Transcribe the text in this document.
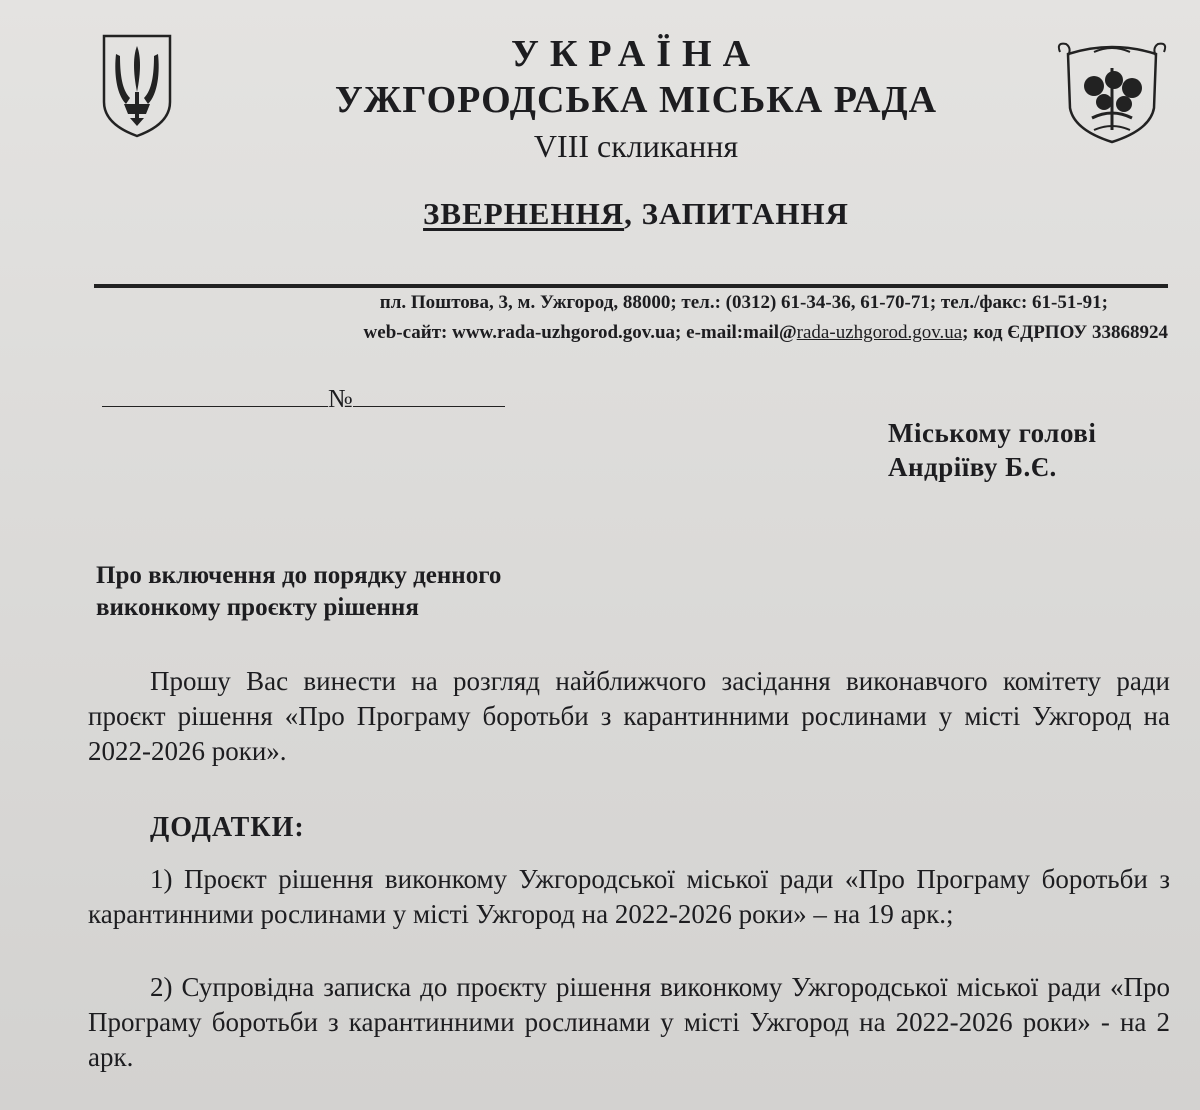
УКРАЇНА
УЖГОРОДСЬКА МІСЬКА РАДА
VIII скликання
ЗВЕРНЕННЯ, ЗАПИТАННЯ
пл. Поштова, 3, м. Ужгород, 88000; тел.: (0312) 61-34-36, 61-70-71; тел./факс: 61-51-91;
web-сайт: www.rada-uzhgorod.gov.ua; e-mail:mail@rada-uzhgorod.gov.ua; код ЄДРПОУ 33868924
№
Міському голові
Андріїву Б.Є.
Про включення до порядку денного
виконкому проєкту рішення
Прошу Вас винести на розгляд найближчого засідання виконавчого комітету ради проєкт рішення «Про Програму боротьби з карантинними рослинами у місті Ужгород на 2022-2026 роки».
ДОДАТКИ:
1) Проєкт рішення виконкому Ужгородської міської ради «Про Програму боротьби з карантинними рослинами у місті Ужгород на 2022-2026 роки» – на 19 арк.;
2) Супровідна записка до проєкту рішення виконкому Ужгородської міської ради «Про Програму боротьби з карантинними рослинами у місті Ужгород на 2022-2026 роки» - на 2 арк.
